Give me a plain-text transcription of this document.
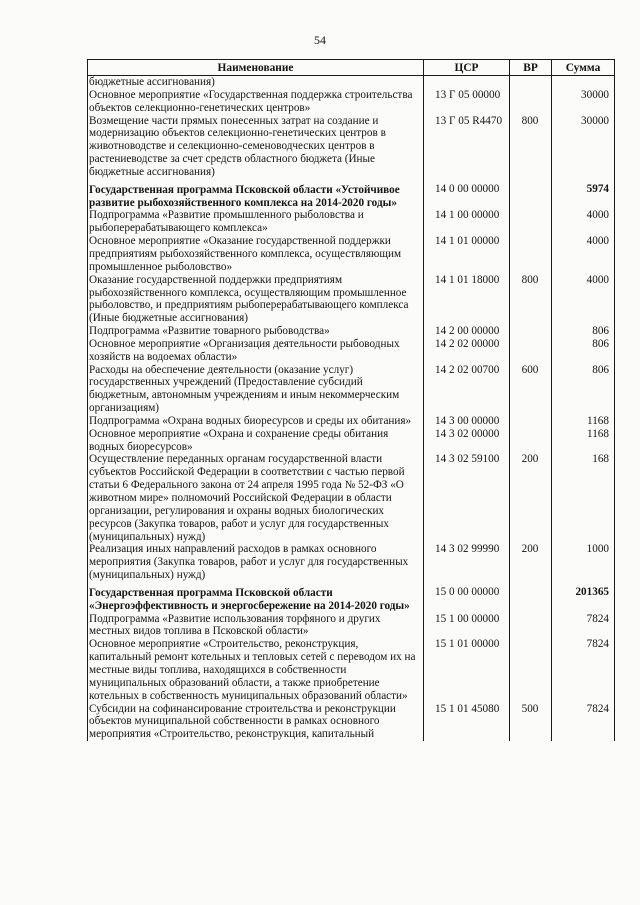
54
Наименование	ЦСР	ВР	Сумма
бюджетные ассигнования)			
Основное мероприятие «Государственная поддержка строительства объектов селекционно-генетических центров»	13 Г 05 00000		30000
Возмещение части прямых понесенных затрат на создание и модернизацию объектов селекционно-генетических центров в животноводстве и селекционно-семеноводческих центров в растениеводстве за счет средств областного бюджета (Иные бюджетные ассигнования)	13 Г 05 R4470	800	30000
Государственная программа Псковской области «Устойчивое развитие рыбохозяйственного комплекса на 2014-2020 годы»	14 0 00 00000		5974
Подпрограмма «Развитие промышленного рыболовства и рыбоперерабатывающего комплекса»	14 1 00 00000		4000
Основное мероприятие «Оказание государственной поддержки предприятиям рыбохозяйственного комплекса, осуществляющим промышленное рыболовство»	14 1 01 00000		4000
Оказание государственной поддержки предприятиям рыбохозяйственного комплекса, осуществляющим промышленное рыболовство, и предприятиям рыбоперерабатывающего комплекса (Иные бюджетные ассигнования)	14 1 01 18000	800	4000
Подпрограмма «Развитие товарного рыбоводства»	14 2 00 00000		806
Основное мероприятие «Организация деятельности рыбоводных хозяйств на водоемах области»	14 2 02 00000		806
Расходы на обеспечение деятельности (оказание услуг) государственных учреждений (Предоставление субсидий бюджетным, автономным учреждениям и иным некоммерческим организациям)	14 2 02 00700	600	806
Подпрограмма «Охрана водных биоресурсов и среды их обитания»	14 3 00 00000		1168
Основное мероприятие «Охрана и сохранение среды обитания водных биоресурсов»	14 3 02 00000		1168
Осуществление переданных органам государственной власти субъектов Российской Федерации в соответствии с частью первой статьи 6 Федерального закона от 24 апреля 1995 года № 52-ФЗ «О животном мире» полномочий Российской Федерации в области организации, регулирования и охраны водных биологических ресурсов (Закупка товаров, работ и услуг для государственных (муниципальных) нужд)	14 3 02 59100	200	168
Реализация иных направлений расходов в рамках основного мероприятия (Закупка товаров, работ и услуг для государственных (муниципальных) нужд)	14 3 02 99990	200	1000
Государственная программа Псковской области «Энергоэффективность и энергосбережение на 2014-2020 годы»	15 0 00 00000		201365
Подпрограмма «Развитие использования торфяного и других местных видов топлива в Псковской области»	15 1 00 00000		7824
Основное мероприятие «Строительство, реконструкция, капитальный ремонт котельных и тепловых сетей с переводом их на местные виды топлива, находящихся в собственности муниципальных образований области, а также приобретение котельных в собственность муниципальных образований области»	15 1 01 00000		7824
Субсидии на софинансирование строительства и реконструкции объектов муниципальной собственности в рамках основного мероприятия «Строительство, реконструкция, капитальный	15 1 01 45080	500	7824
